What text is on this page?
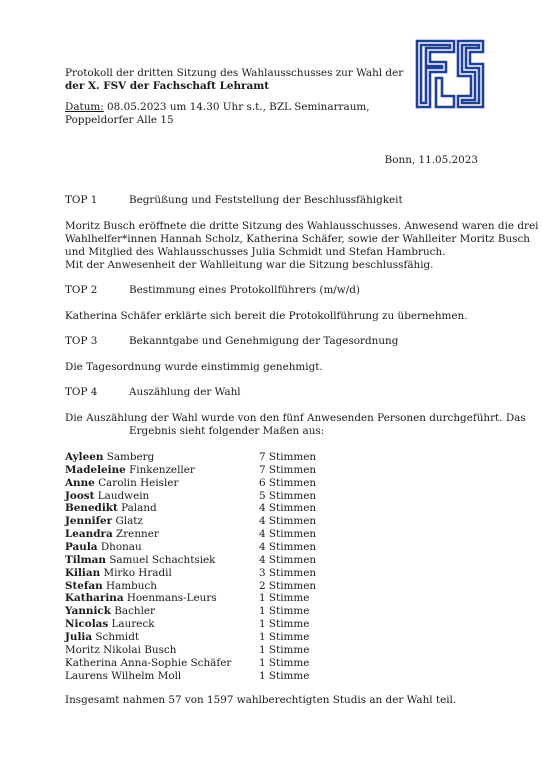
Protokoll der dritten Sitzung des Wahlausschusses zur Wahl der
der X. FSV der Fachschaft Lehramt
Datum: 08.05.2023 um 14.30 Uhr s.t., BZL Seminarraum,
Poppeldorfer Alle 15
Bonn, 11.05.2023
TOP 1	Begrüßung und Feststellung der Beschlussfähigkeit
Moritz Busch eröffnete die dritte Sitzung des Wahlausschusses. Anwesend waren die drei
Wahlhelfer*innen Hannah Scholz, Katherina Schäfer, sowie der Wahlleiter Moritz Busch
und Mitglied des Wahlausschusses Julia Schmidt und Stefan Hambruch.
Mit der Anwesenheit der Wahlleitung war die Sitzung beschlussfähig.
TOP 2	Bestimmung eines Protokollführers (m/w/d)
Katherina Schäfer erklärte sich bereit die Protokollführung zu übernehmen.
TOP 3	Bekanntgabe und Genehmigung der Tagesordnung
Die Tagesordnung wurde einstimmig genehmigt.
TOP 4	Auszählung der Wahl
Die Auszählung der Wahl wurde von den fünf Anwesenden Personen durchgeführt. Das
Ergebnis sieht folgender Maßen aus:
Ayleen Samberg	7 Stimmen
Madeleine Finkenzeller	7 Stimmen
Anne Carolin Heisler	6 Stimmen
Joost Laudwein	5 Stimmen
Benedikt Paland	4 Stimmen
Jennifer Glatz	4 Stimmen
Leandra Zrenner	4 Stimmen
Paula Dhonau	4 Stimmen
Tilman Samuel Schachtsiek	4 Stimmen
Kilian Mirko Hradil	3 Stimmen
Stefan Hambuch	2 Stimmen
Katharina Hoenmans-Leurs	1 Stimme
Yannick Bachler	1 Stimme
Nicolas Laureck	1 Stimme
Julia Schmidt	1 Stimme
Moritz Nikolai Busch	1 Stimme
Katherina Anna-Sophie Schäfer	1 Stimme
Laurens Wilhelm Moll	1 Stimme
Insgesamt nahmen 57 von 1597 wahlberechtigten Studis an der Wahl teil.
